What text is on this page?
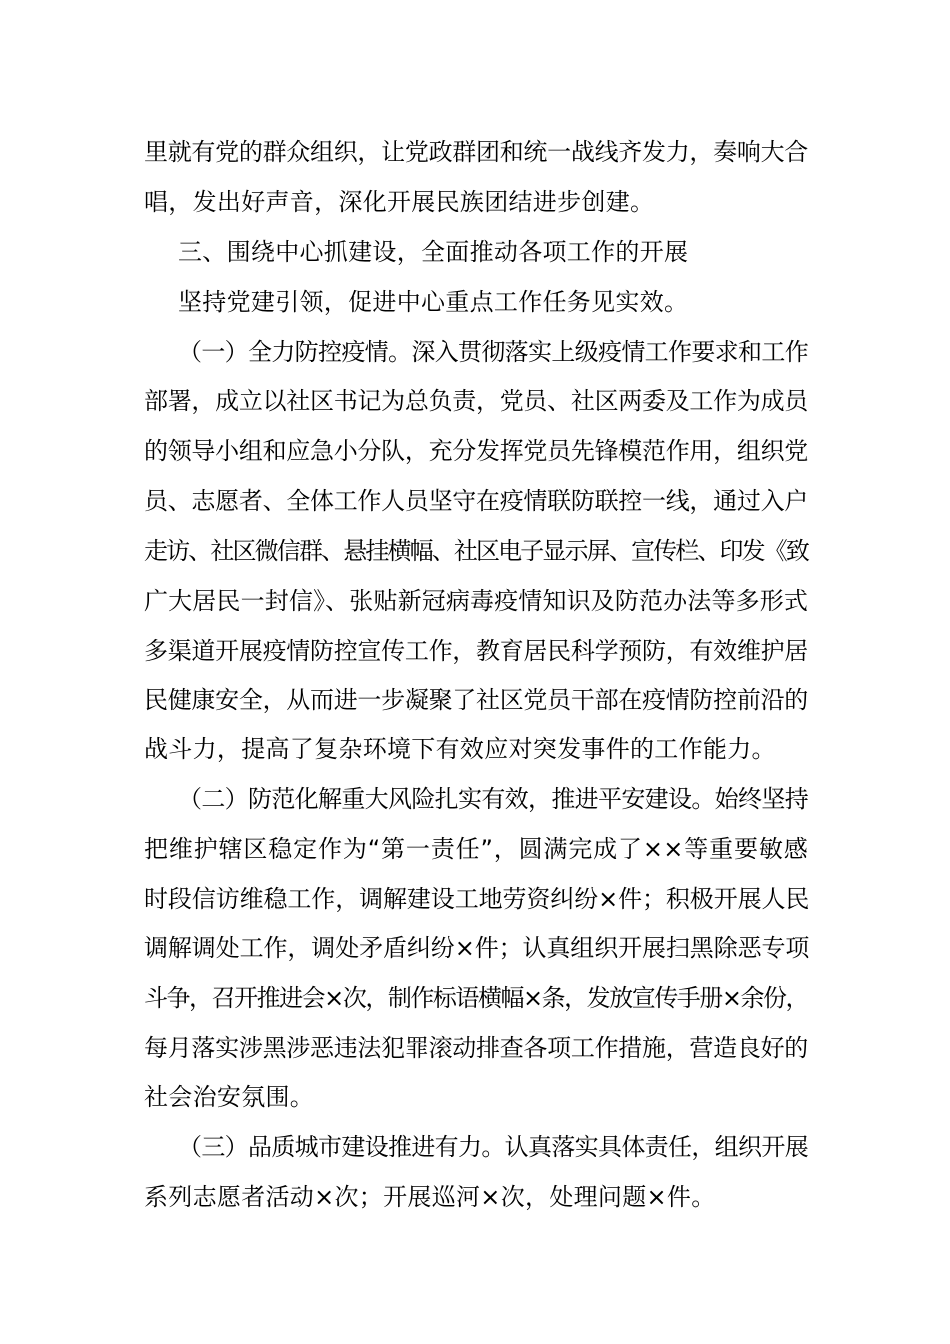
里就有党的群众组织，让党政群团和统一战线齐发力，奏响大合
唱，发出好声音，深化开展民族团结进步创建。
三、围绕中心抓建设，全面推动各项工作的开展
坚持党建引领，促进中心重点工作任务见实效。
（一）全力防控疫情。深入贯彻落实上级疫情工作要求和工作
部署，成立以社区书记为总负责，党员、社区两委及工作为成员
的领导小组和应急小分队，充分发挥党员先锋模范作用，组织党
员、志愿者、全体工作人员坚守在疫情联防联控一线，通过入户
走访、社区微信群、悬挂横幅、社区电子显示屏、宣传栏、印发《致
广大居民一封信》、张贴新冠病毒疫情知识及防范办法等多形式
多渠道开展疫情防控宣传工作，教育居民科学预防，有效维护居
民健康安全，从而进一步凝聚了社区党员干部在疫情防控前沿的
战斗力，提高了复杂环境下有效应对突发事件的工作能力。
（二）防范化解重大风险扎实有效，推进平安建设。始终坚持
把维护辖区稳定作为“第一责任”，圆满完成了××等重要敏感
时段信访维稳工作，调解建设工地劳资纠纷×件；积极开展人民
调解调处工作，调处矛盾纠纷×件；认真组织开展扫黑除恶专项
斗争，召开推进会×次，制作标语横幅×条，发放宣传手册×余份，
每月落实涉黑涉恶违法犯罪滚动排查各项工作措施，营造良好的
社会治安氛围。
（三）品质城市建设推进有力。认真落实具体责任，组织开展
系列志愿者活动×次；开展巡河×次，处理问题×件。
